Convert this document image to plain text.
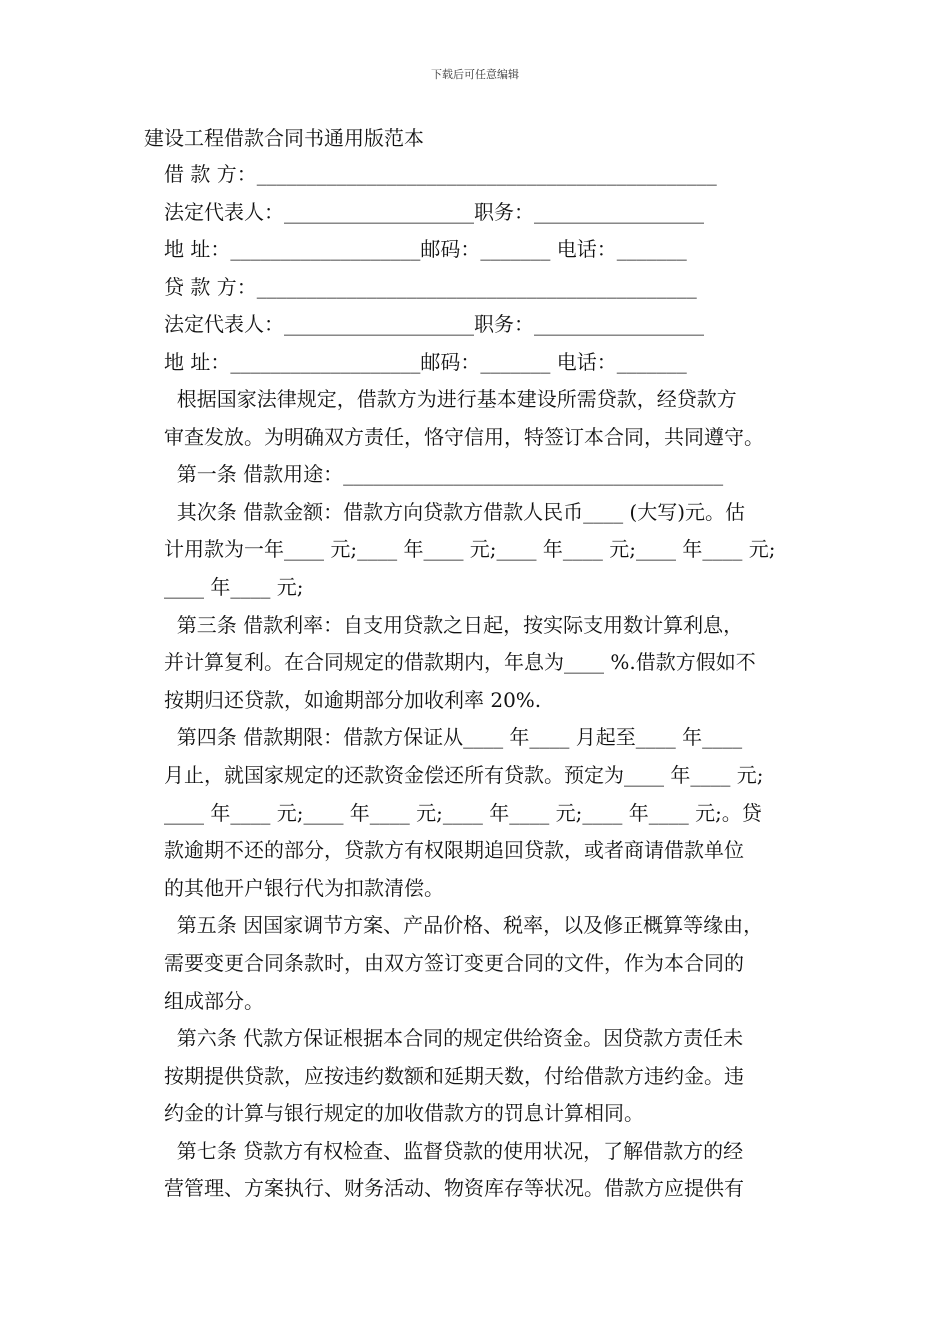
下载后可任意编辑
建设工程借款合同书通用版范本
借 款 方：______________________________________________
法定代表人：___________________职务：_________________
地 址：___________________邮码：_______ 电话：_______
贷 款 方：____________________________________________
法定代表人：___________________职务：_________________
地 址：___________________邮码：_______ 电话：_______
根据国家法律规定，借款方为进行基本建设所需贷款，经贷款方
审查发放。为明确双方责任，恪守信用，特签订本合同，共同遵守。
第一条 借款用途：______________________________________
其次条 借款金额：借款方向贷款方借款人民币____ (大写)元。估
计用款为一年____ 元;____ 年____ 元;____ 年____ 元;____ 年____ 元;
____ 年____ 元;
第三条 借款利率：自支用贷款之日起，按实际支用数计算利息，
并计算复利。在合同规定的借款期内，年息为____ %.借款方假如不
按期归还贷款，如逾期部分加收利率 20%.
第四条 借款期限：借款方保证从____ 年____ 月起至____ 年____
月止，就国家规定的还款资金偿还所有贷款。预定为____ 年____ 元;
____ 年____ 元;____ 年____ 元;____ 年____ 元;____ 年____ 元;。贷
款逾期不还的部分，贷款方有权限期追回贷款，或者商请借款单位
的其他开户银行代为扣款清偿。
第五条 因国家调节方案、产品价格、税率，以及修正概算等缘由，
需要变更合同条款时，由双方签订变更合同的文件，作为本合同的
组成部分。
第六条 代款方保证根据本合同的规定供给资金。因贷款方责任未
按期提供贷款，应按违约数额和延期天数，付给借款方违约金。违
约金的计算与银行规定的加收借款方的罚息计算相同。
第七条 贷款方有权检查、监督贷款的使用状况，了解借款方的经
营管理、方案执行、财务活动、物资库存等状况。借款方应提供有
